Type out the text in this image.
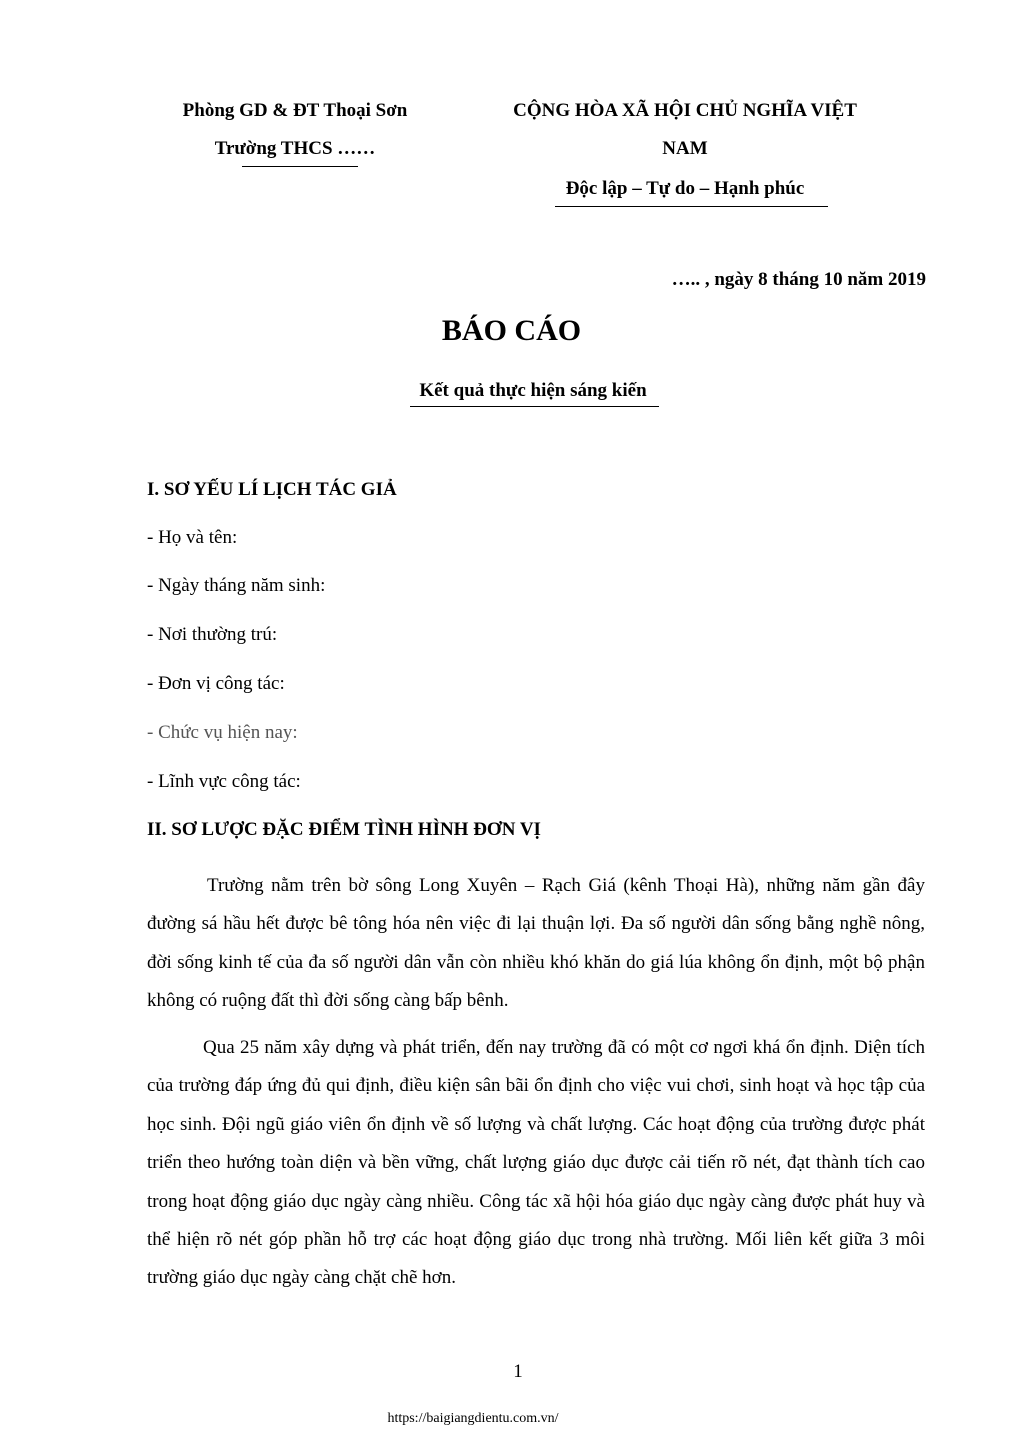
Phòng GD & ĐT Thoại Sơn
Trường THCS ……
CỘNG HÒA XÃ HỘI CHỦ NGHĨA VIỆT
NAM
Độc lập – Tự do – Hạnh phúc
….. , ngày 8 tháng 10 năm 2019
BÁO CÁO
Kết quả thực hiện sáng kiến
I. SƠ YẾU LÍ LỊCH TÁC GIẢ
- Họ và tên:
- Ngày tháng năm sinh:
- Nơi thường trú:
- Đơn vị công tác:
- Chức vụ hiện nay:
- Lĩnh vực công tác:
II. SƠ LƯỢC ĐẶC ĐIỂM TÌNH HÌNH ĐƠN VỊ
Trường nằm trên bờ sông Long Xuyên – Rạch Giá (kênh Thoại Hà), những năm gần đây đường sá hầu hết được bê tông hóa nên việc đi lại thuận lợi. Đa số người dân sống bằng nghề nông, đời sống kinh tế của đa số người dân vẫn còn nhiều khó khăn do giá lúa không ổn định, một bộ phận không có ruộng đất thì đời sống càng bấp bênh.
Qua 25 năm xây dựng và phát triển, đến nay trường đã có một cơ ngơi khá ổn định. Diện tích của trường đáp ứng đủ qui định, điều kiện sân bãi ổn định cho việc vui chơi, sinh hoạt và học tập của học sinh. Đội ngũ giáo viên ổn định về số lượng và chất lượng. Các hoạt động của trường được phát triển theo hướng toàn diện và bền vững, chất lượng giáo dục được cải tiến rõ nét, đạt thành tích cao trong hoạt động giáo dục ngày càng nhiều. Công tác xã hội hóa giáo dục ngày càng được phát huy và thể hiện rõ nét góp phần hỗ trợ các hoạt động giáo dục trong nhà trường. Mối liên kết giữa 3 môi trường giáo dục ngày càng chặt chẽ hơn.
1
https://baigiangdientu.com.vn/
